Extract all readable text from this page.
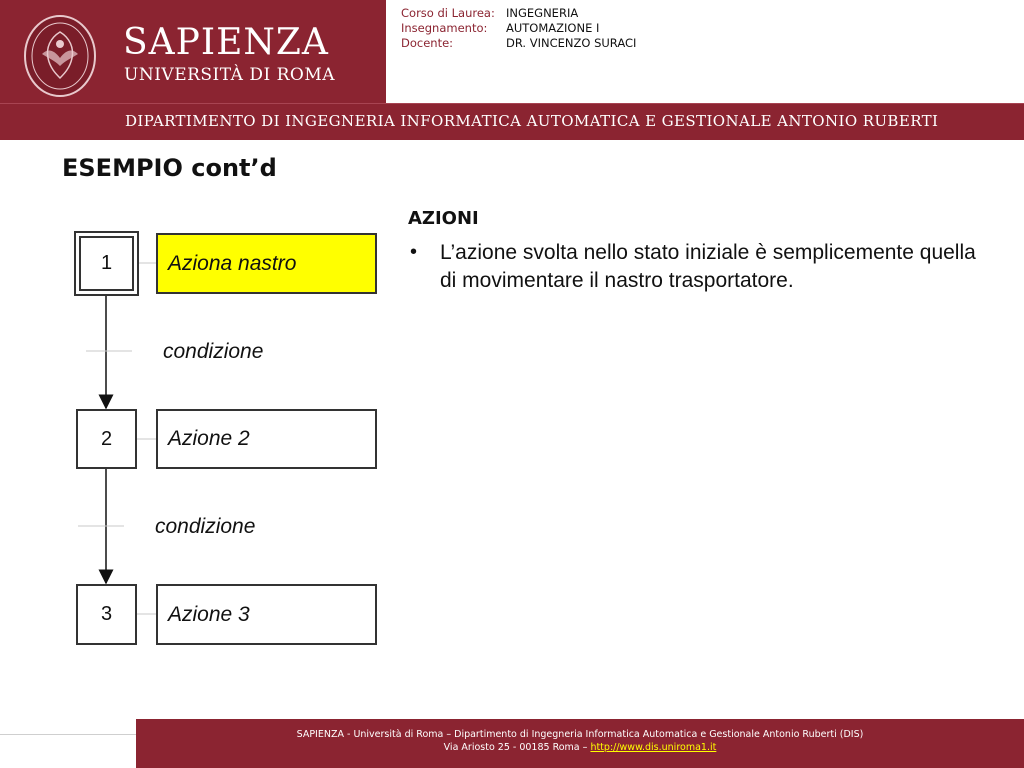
SAPIENZA
UNIVERSITÀ DI ROMA
Corso di Laurea: INGEGNERIA
Insegnamento: AUTOMAZIONE I
Docente:	DR. VINCENZO SURACI
DIPARTIMENTO DI INGEGNERIA INFORMATICA AUTOMATICA E GESTIONALE ANTONIO RUBERTI
ESEMPIO cont’d
1	Aziona nastro
condizione
2	Azione 2
condizione
3	Azione 3
AZIONI
• L’azione svolta nello stato iniziale è semplicemente quella di movimentare il nastro trasportatore.
SAPIENZA - Università di Roma – Dipartimento di Ingegneria Informatica Automatica e Gestionale Antonio Ruberti (DIS)
Via Ariosto 25 - 00185 Roma – http://www.dis.uniroma1.it
